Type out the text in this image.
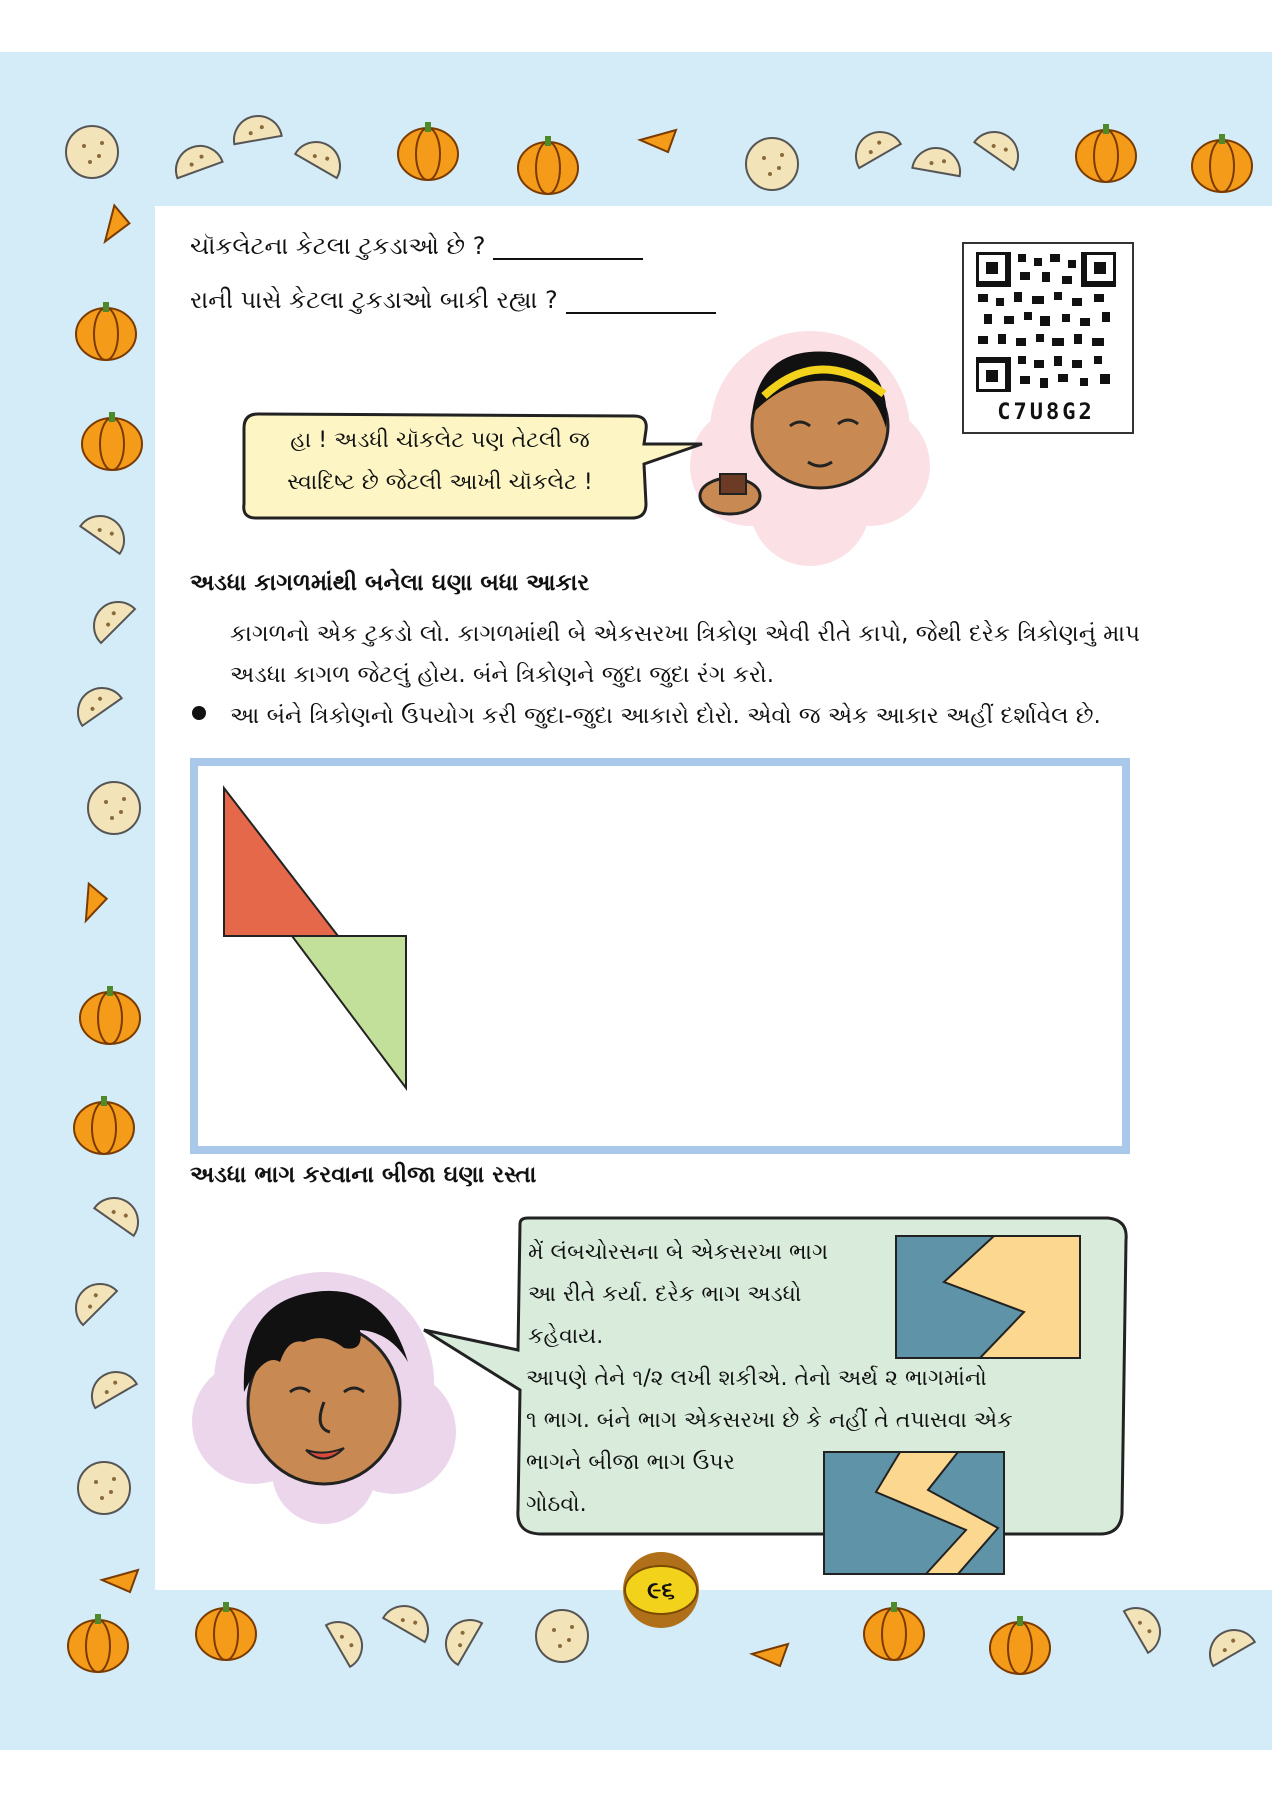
ચૉકલેટના કેટલા ટુકડાઓ છે ?
રાની પાસે કેટલા ટુકડાઓ બાકી રહ્યા ?
C7U8G2
હા ! અડધી ચૉકલેટ પણ તેટલી જ
સ્વાદિષ્ટ છે જેટલી આખી ચૉકલેટ !
અડધા કાગળમાંથી બનેલા ઘણા બધા આકાર
કાગળનો એક ટુકડો લો. કાગળમાંથી બે એકસરખા ત્રિકોણ એવી રીતે કાપો, જેથી દરેક ત્રિકોણનું માપ
અડધા કાગળ જેટલું હોય. બંને ત્રિકોણને જુદા જુદા રંગ કરો.
આ બંને ત્રિકોણનો ઉપયોગ કરી જુદા-જુદા આકારો દોરો. એવો જ એક આકાર અહીં દર્શાવેલ છે.
અડધા ભાગ કરવાના બીજા ઘણા રસ્તા
મેં લંબચોરસના બે એકસરખા ભાગ
આ રીતે કર્યા. દરેક ભાગ અડધો
કહેવાય.
આપણે તેને ૧/૨ લખી શકીએ. તેનો અર્થ ૨ ભાગમાંનો
૧ ભાગ. બંને ભાગ એકસરખા છે કે નહીં તે તપાસવા એક
ભાગને બીજા ભાગ ઉપર
ગોઠવો.
૯૬
